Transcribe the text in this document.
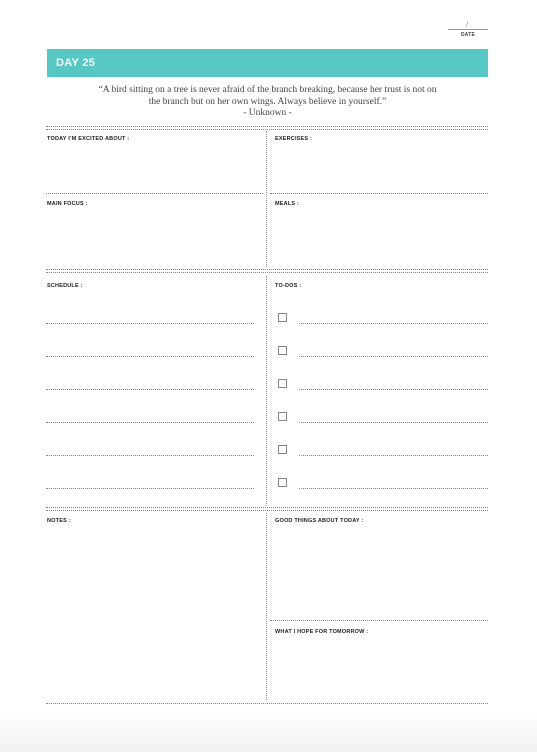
/
DATE
DAY 25
“A bird sitting on a tree is never afraid of the branch breaking, because her trust is not on
the branch but on her own wings. Always believe in yourself.”
- Unknown -
TODAY I’M EXCITED ABOUT :	EXERCISES :
MAIN FOCUS :	MEALS :
SCHEDULE :	TO-DOS :
NOTES :	GOOD THINGS ABOUT TODAY :
WHAT I HOPE FOR TOMORROW :
